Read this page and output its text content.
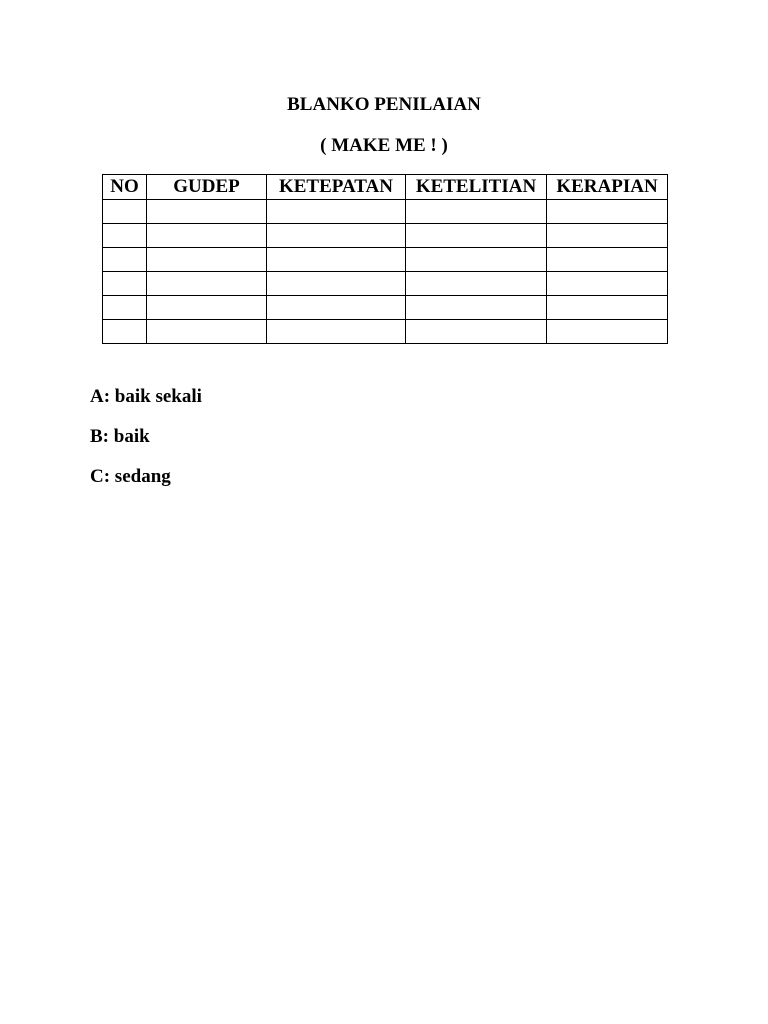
BLANKO PENILAIAN

( MAKE ME ! )

NO	GUDEP	KETEPATAN	KETELITIAN	KERAPIAN

A: baik sekali
B: baik
C: sedang
